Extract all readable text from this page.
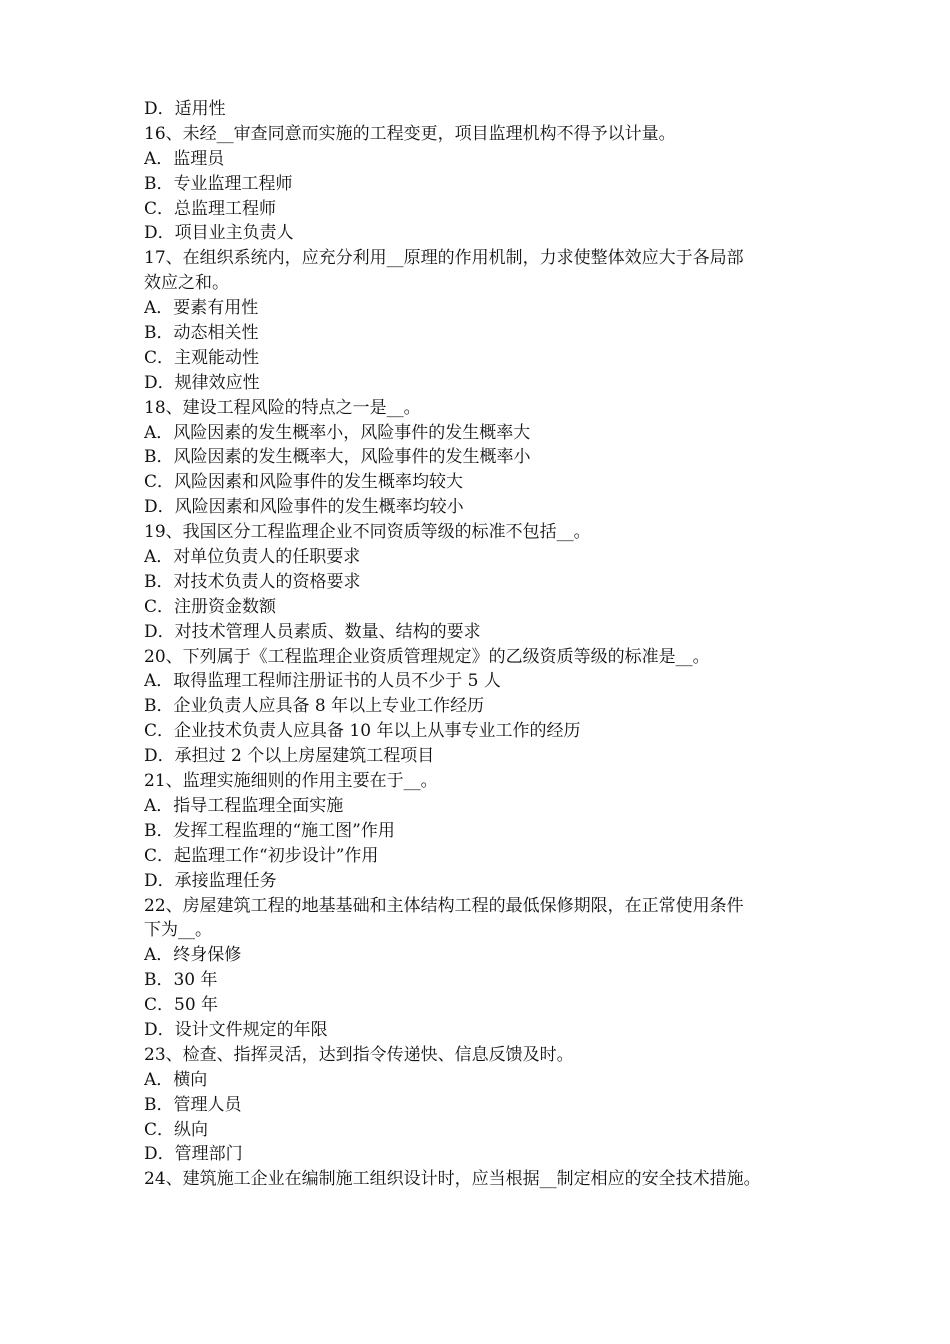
D．适用性
16、未经__审查同意而实施的工程变更，项目监理机构不得予以计量。
A．监理员
B．专业监理工程师
C．总监理工程师
D．项目业主负责人
17、在组织系统内，应充分利用__原理的作用机制，力求使整体效应大于各局部
效应之和。
A．要素有用性
B．动态相关性
C．主观能动性
D．规律效应性
18、建设工程风险的特点之一是__。
A．风险因素的发生概率小，风险事件的发生概率大
B．风险因素的发生概率大，风险事件的发生概率小
C．风险因素和风险事件的发生概率均较大
D．风险因素和风险事件的发生概率均较小
19、我国区分工程监理企业不同资质等级的标准不包括__。
A．对单位负责人的任职要求
B．对技术负责人的资格要求
C．注册资金数额
D．对技术管理人员素质、数量、结构的要求
20、下列属于《工程监理企业资质管理规定》的乙级资质等级的标准是__。
A．取得监理工程师注册证书的人员不少于 5 人
B．企业负责人应具备 8 年以上专业工作经历
C．企业技术负责人应具备 10 年以上从事专业工作的经历
D．承担过 2 个以上房屋建筑工程项目
21、监理实施细则的作用主要在于__。
A．指导工程监理全面实施
B．发挥工程监理的“施工图”作用
C．起监理工作“初步设计”作用
D．承接监理任务
22、房屋建筑工程的地基基础和主体结构工程的最低保修期限，在正常使用条件
下为__。
A．终身保修
B．30 年
C．50 年
D．设计文件规定的年限
23、检查、指挥灵活，达到指令传递快、信息反馈及时。
A．横向
B．管理人员
C．纵向
D．管理部门
24、建筑施工企业在编制施工组织设计时，应当根据__制定相应的安全技术措施。
